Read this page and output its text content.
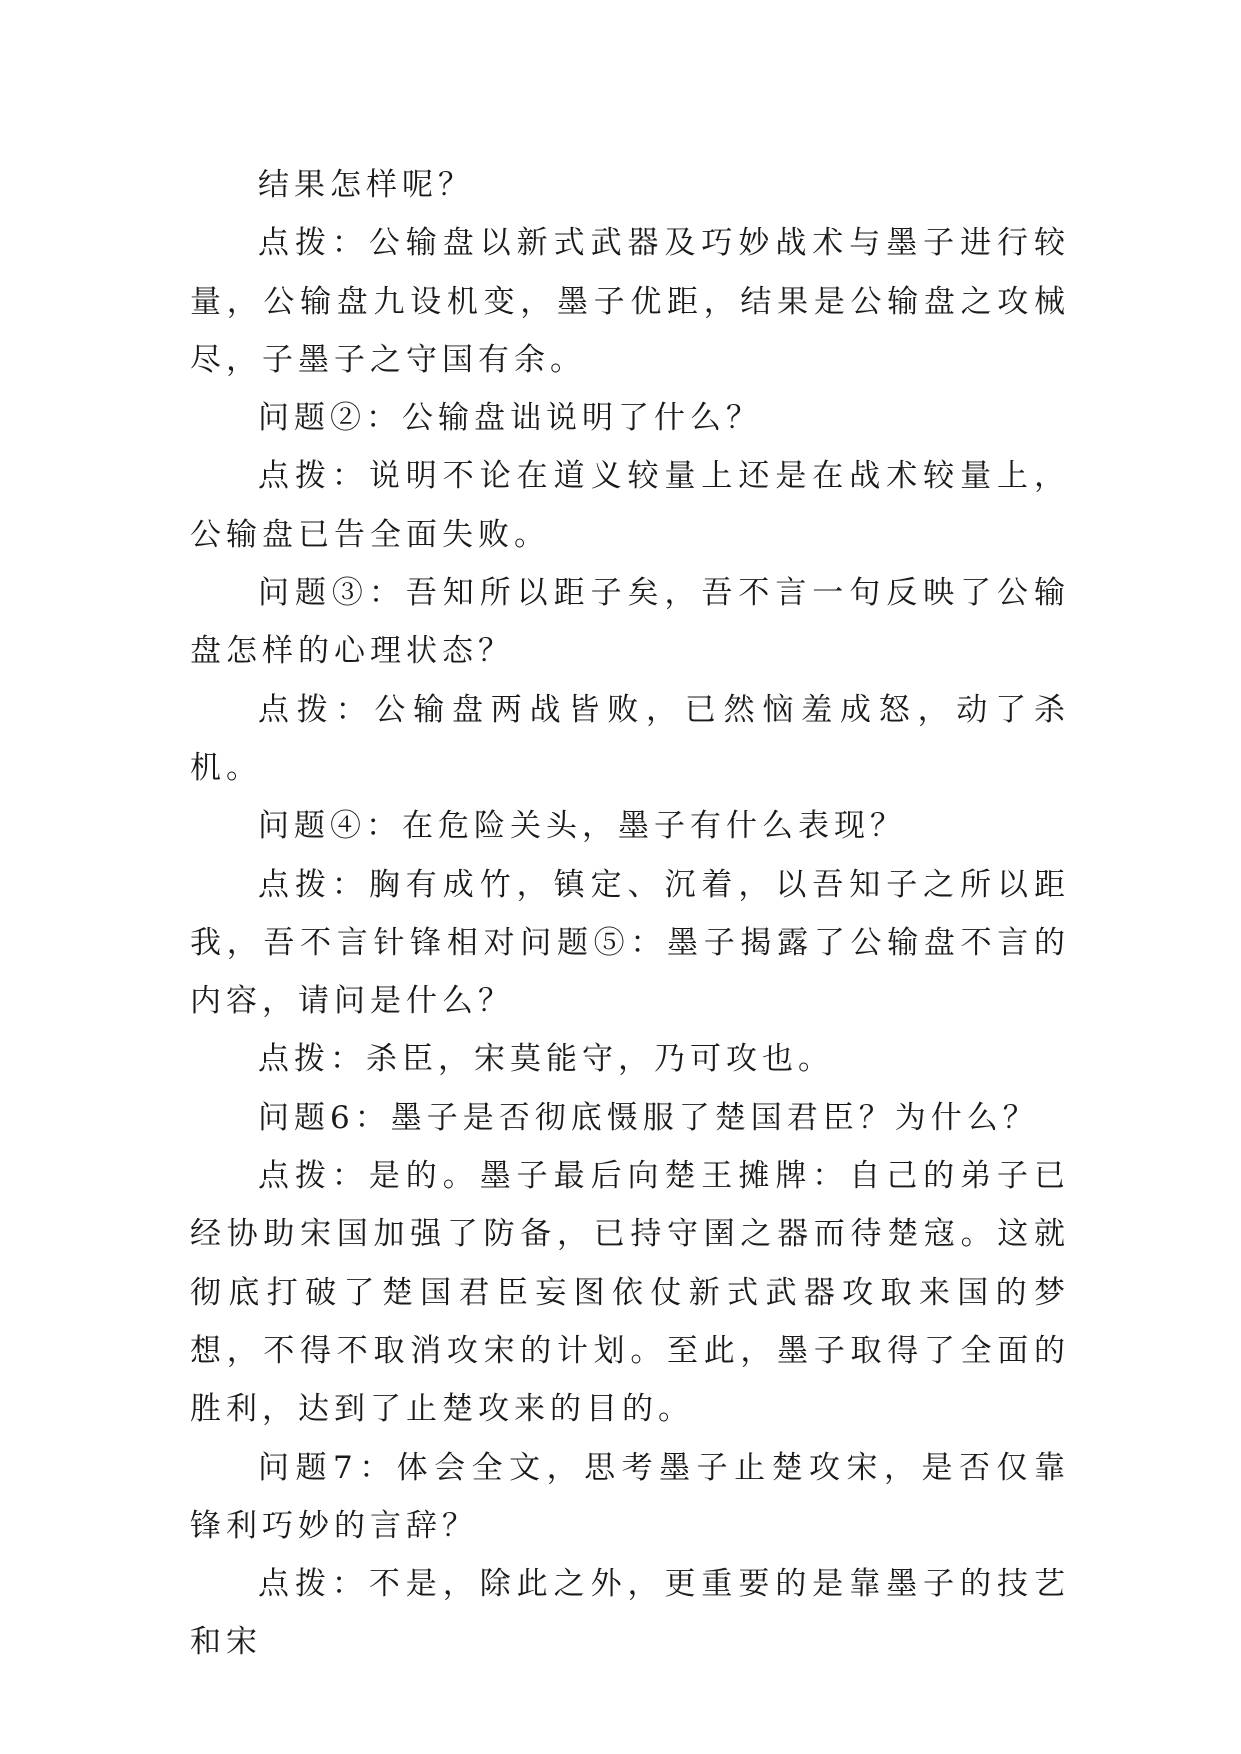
结果怎样呢？

点拨：公输盘以新式武器及巧妙战术与墨子进行较量，公输盘九设机变，墨子优距，结果是公输盘之攻械尽，子墨子之守国有余。

问题②：公输盘诎说明了什么？

点拨：说明不论在道义较量上还是在战术较量上，公输盘已告全面失败。

问题③：吾知所以距子矣，吾不言一句反映了公输盘怎样的心理状态？

点拨：公输盘两战皆败，已然恼羞成怒，动了杀机。

问题④：在危险关头，墨子有什么表现？

点拨：胸有成竹，镇定、沉着，以吾知子之所以距我，吾不言针锋相对问题⑤：墨子揭露了公输盘不言的内容，请问是什么？

点拨：杀臣，宋莫能守，乃可攻也。

问题6：墨子是否彻底慑服了楚国君臣？为什么？

点拨：是的。墨子最后向楚王摊牌：自己的弟子已经协助宋国加强了防备，已持守圉之器而待楚寇。这就彻底打破了楚国君臣妄图依仗新式武器攻取来国的梦想，不得不取消攻宋的计划。至此，墨子取得了全面的胜利，达到了止楚攻来的目的。

问题7：体会全文，思考墨子止楚攻宋，是否仅靠锋利巧妙的言辞？

点拨：不是，除此之外，更重要的是靠墨子的技艺和宋
